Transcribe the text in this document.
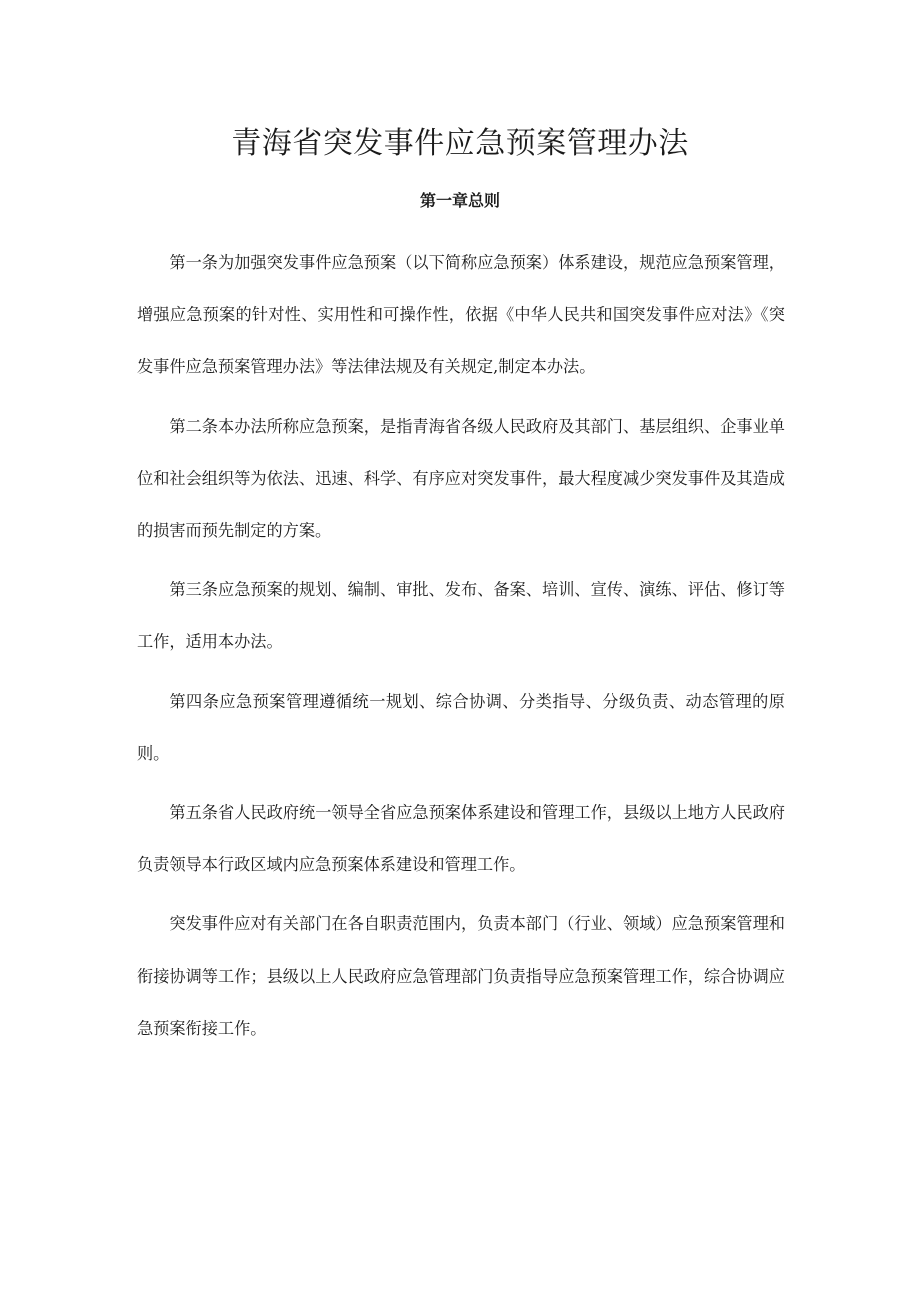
青海省突发事件应急预案管理办法
第一章总则

第一条为加强突发事件应急预案（以下简称应急预案）体系建设，规范应急预案管理，增强应急预案的针对性、实用性和可操作性，依据《中华人民共和国突发事件应对法》《突发事件应急预案管理办法》等法律法规及有关规定,制定本办法。

第二条本办法所称应急预案，是指青海省各级人民政府及其部门、基层组织、企事业单位和社会组织等为依法、迅速、科学、有序应对突发事件，最大程度减少突发事件及其造成的损害而预先制定的方案。

第三条应急预案的规划、编制、审批、发布、备案、培训、宣传、演练、评估、修订等工作，适用本办法。

第四条应急预案管理遵循统一规划、综合协调、分类指导、分级负责、动态管理的原则。

第五条省人民政府统一领导全省应急预案体系建设和管理工作，县级以上地方人民政府负责领导本行政区域内应急预案体系建设和管理工作。

突发事件应对有关部门在各自职责范围内，负责本部门（行业、领域）应急预案管理和衔接协调等工作；县级以上人民政府应急管理部门负责指导应急预案管理工作，综合协调应急预案衔接工作。
